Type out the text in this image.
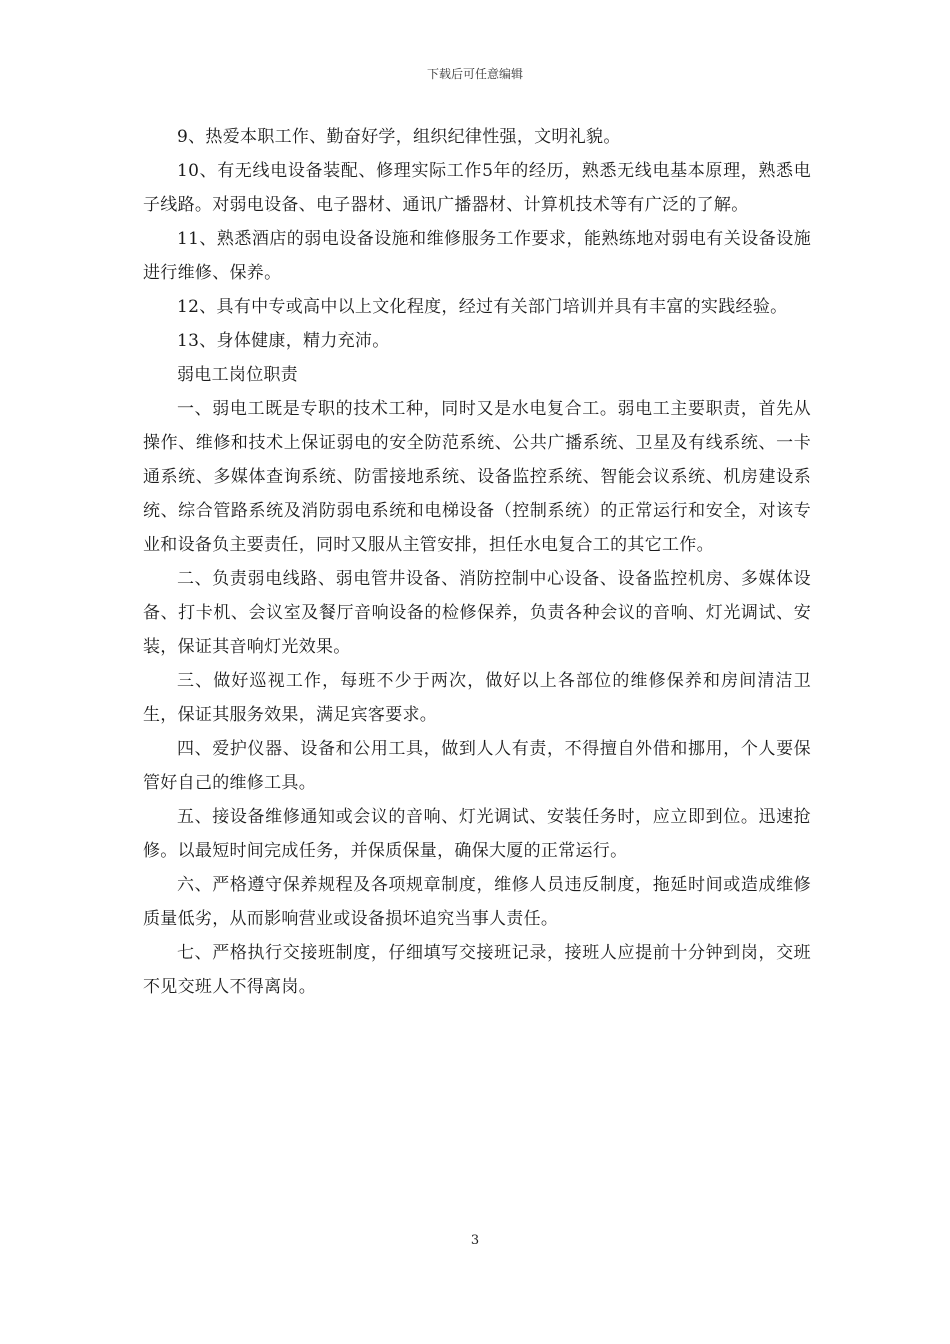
下载后可任意编辑

9、热爱本职工作、勤奋好学，组织纪律性强，文明礼貌。

10、有无线电设备装配、修理实际工作5年的经历，熟悉无线电基本原理，熟悉电子线路。对弱电设备、电子器材、通讯广播器材、计算机技术等有广泛的了解。

11、熟悉酒店的弱电设备设施和维修服务工作要求，能熟练地对弱电有关设备设施进行维修、保养。

12、具有中专或高中以上文化程度，经过有关部门培训并具有丰富的实践经验。

13、身体健康，精力充沛。

弱电工岗位职责

一、弱电工既是专职的技术工种，同时又是水电复合工。弱电工主要职责，首先从操作、维修和技术上保证弱电的安全防范系统、公共广播系统、卫星及有线系统、一卡通系统、多媒体查询系统、防雷接地系统、设备监控系统、智能会议系统、机房建设系统、综合管路系统及消防弱电系统和电梯设备（控制系统）的正常运行和安全，对该专业和设备负主要责任，同时又服从主管安排，担任水电复合工的其它工作。

二、负责弱电线路、弱电管井设备、消防控制中心设备、设备监控机房、多媒体设备、打卡机、会议室及餐厅音响设备的检修保养，负责各种会议的音响、灯光调试、安装，保证其音响灯光效果。

三、做好巡视工作，每班不少于两次，做好以上各部位的维修保养和房间清洁卫生，保证其服务效果，满足宾客要求。

四、爱护仪器、设备和公用工具，做到人人有责，不得擅自外借和挪用，个人要保管好自己的维修工具。

五、接设备维修通知或会议的音响、灯光调试、安装任务时，应立即到位。迅速抢修。以最短时间完成任务，并保质保量，确保大厦的正常运行。

六、严格遵守保养规程及各项规章制度，维修人员违反制度，拖延时间或造成维修质量低劣，从而影响营业或设备损坏追究当事人责任。

七、严格执行交接班制度，仔细填写交接班记录，接班人应提前十分钟到岗，交班不见交班人不得离岗。

3
